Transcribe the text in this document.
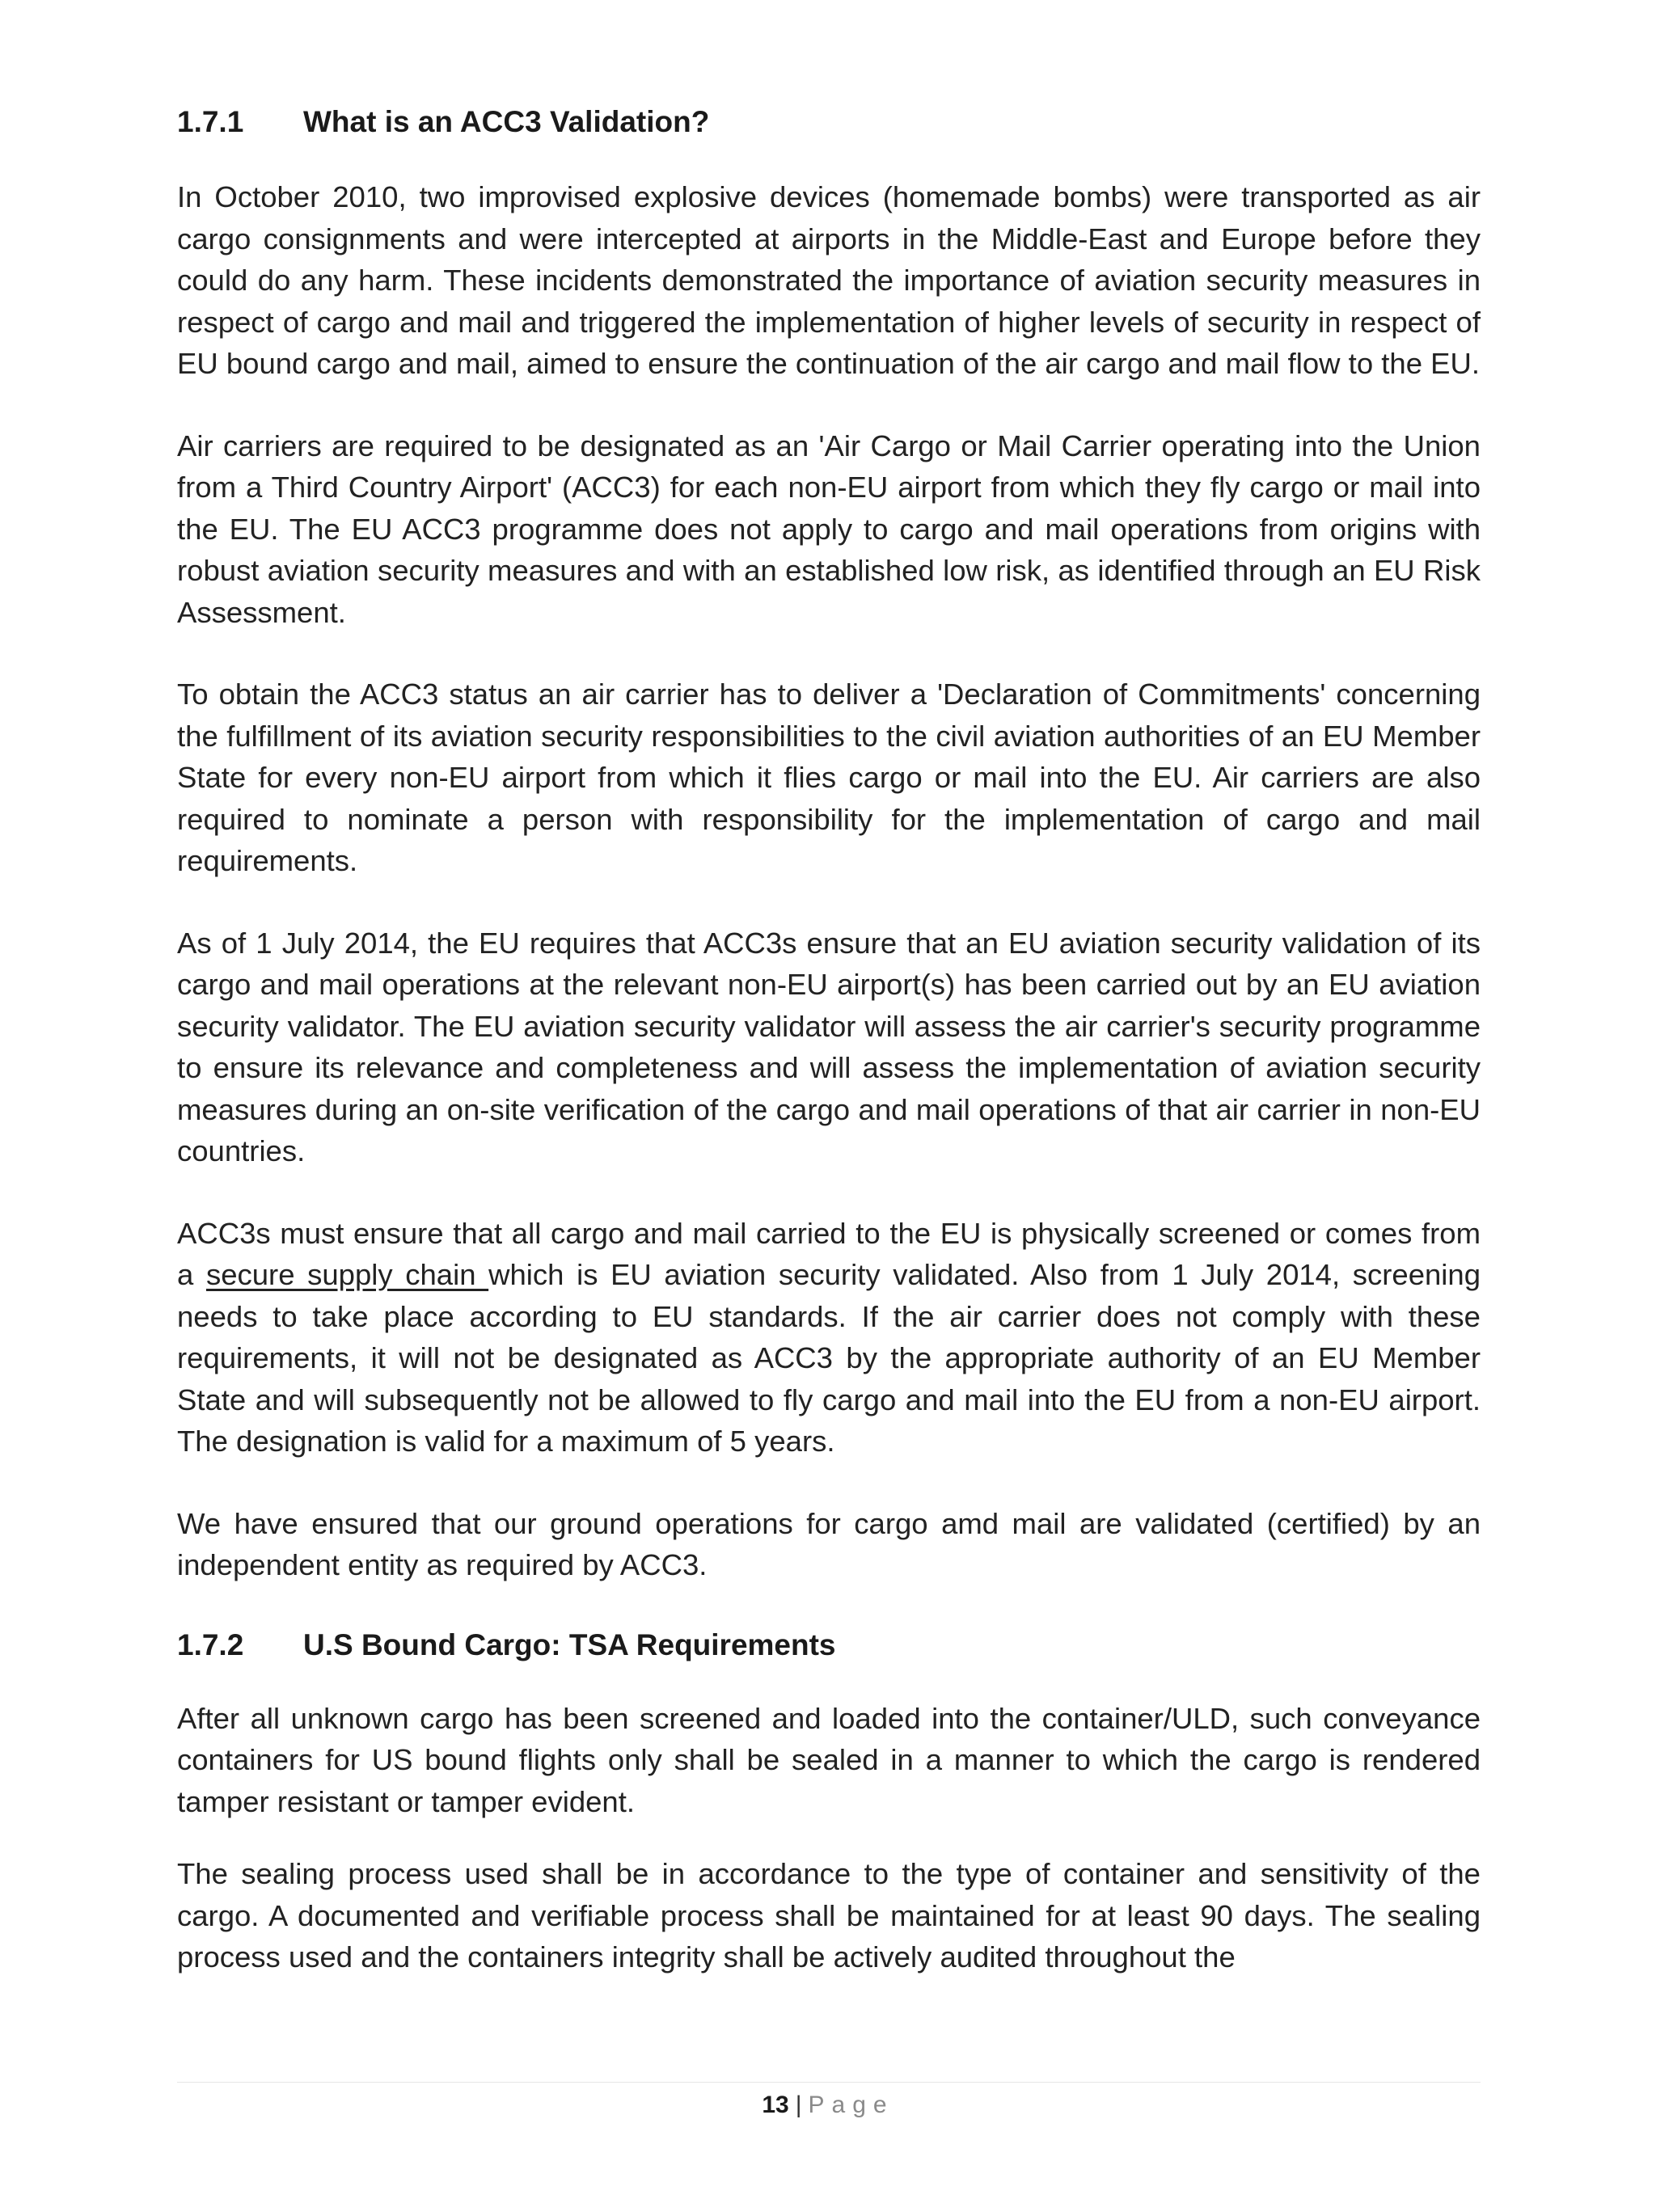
1.7.1 What is an ACC3 Validation?

In October 2010, two improvised explosive devices (homemade bombs) were transported as air cargo consignments and were intercepted at airports in the Middle-East and Europe before they could do any harm. These incidents demonstrated the importance of aviation security measures in respect of cargo and mail and triggered the implementation of higher levels of security in respect of EU bound cargo and mail, aimed to ensure the continuation of the air cargo and mail flow to the EU.

Air carriers are required to be designated as an 'Air Cargo or Mail Carrier operating into the Union from a Third Country Airport' (ACC3) for each non-EU airport from which they fly cargo or mail into the EU. The EU ACC3 programme does not apply to cargo and mail operations from origins with robust aviation security measures and with an established low risk, as identified through an EU Risk Assessment.

To obtain the ACC3 status an air carrier has to deliver a 'Declaration of Commitments' concerning the fulfillment of its aviation security responsibilities to the civil aviation authorities of an EU Member State for every non-EU airport from which it flies cargo or mail into the EU. Air carriers are also required to nominate a person with responsibility for the implementation of cargo and mail requirements.

As of 1 July 2014, the EU requires that ACC3s ensure that an EU aviation security validation of its cargo and mail operations at the relevant non-EU airport(s) has been carried out by an EU aviation security validator. The EU aviation security validator will assess the air carrier's security programme to ensure its relevance and completeness and will assess the implementation of aviation security measures during an on-site verification of the cargo and mail operations of that air carrier in non-EU countries.

ACC3s must ensure that all cargo and mail carried to the EU is physically screened or comes from a secure supply chain which is EU aviation security validated. Also from 1 July 2014, screening needs to take place according to EU standards. If the air carrier does not comply with these requirements, it will not be designated as ACC3 by the appropriate authority of an EU Member State and will subsequently not be allowed to fly cargo and mail into the EU from a non-EU airport. The designation is valid for a maximum of 5 years.

We have ensured that our ground operations for cargo amd mail are validated (certified) by an independent entity as required by ACC3.

1.7.2 U.S Bound Cargo: TSA Requirements

After all unknown cargo has been screened and loaded into the container/ULD, such conveyance containers for US bound flights only shall be sealed in a manner to which the cargo is rendered tamper resistant or tamper evident.

The sealing process used shall be in accordance to the type of container and sensitivity of the cargo. A documented and verifiable process shall be maintained for at least 90 days. The sealing process used and the containers integrity shall be actively audited throughout the

13 | Page
